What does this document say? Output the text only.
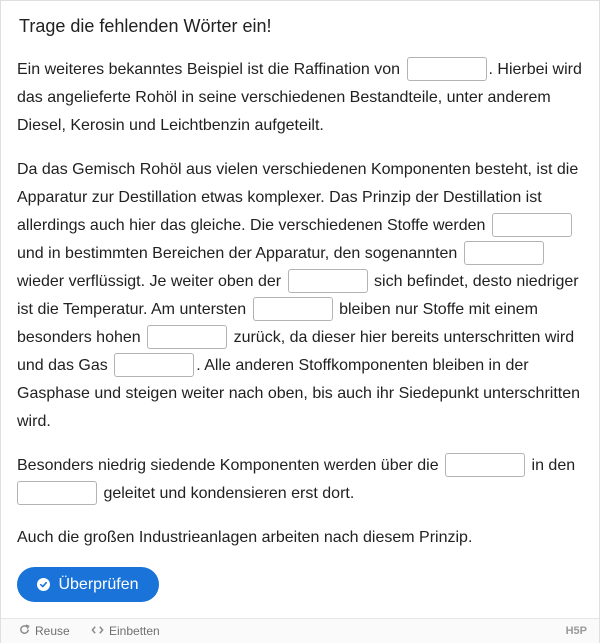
Trage die fehlenden Wörter ein!

Ein weiteres bekanntes Beispiel ist die Raffination von	. Hierbei wird das angelieferte Rohöl in seine verschiedenen Bestandteile, unter anderem Diesel, Kerosin und Leichtbenzin aufgeteilt.

Da das Gemisch Rohöl aus vielen verschiedenen Komponenten besteht, ist die Apparatur zur Destillation etwas komplexer. Das Prinzip der Destillation ist allerdings auch hier das gleiche. Die verschiedenen Stoffe werden  und in bestimmten Bereichen der Apparatur, den sogenannten  wieder verflüssigt. Je weiter oben der	sich befindet, desto niedriger ist die Temperatur. Am untersten	bleiben nur Stoffe mit einem besonders hohen	zurück, da dieser hier bereits unterschritten wird und das Gas	. Alle anderen Stoffkomponenten bleiben in der Gasphase und steigen weiter nach oben, bis auch ihr Siedepunkt unterschritten wird.

Besonders niedrig siedende Komponenten werden über die	in den  geleitet und kondensieren erst dort.

Auch die großen Industrieanlagen arbeiten nach diesem Prinzip.

Überprüfen
Reuse	Einbetten	H5P
